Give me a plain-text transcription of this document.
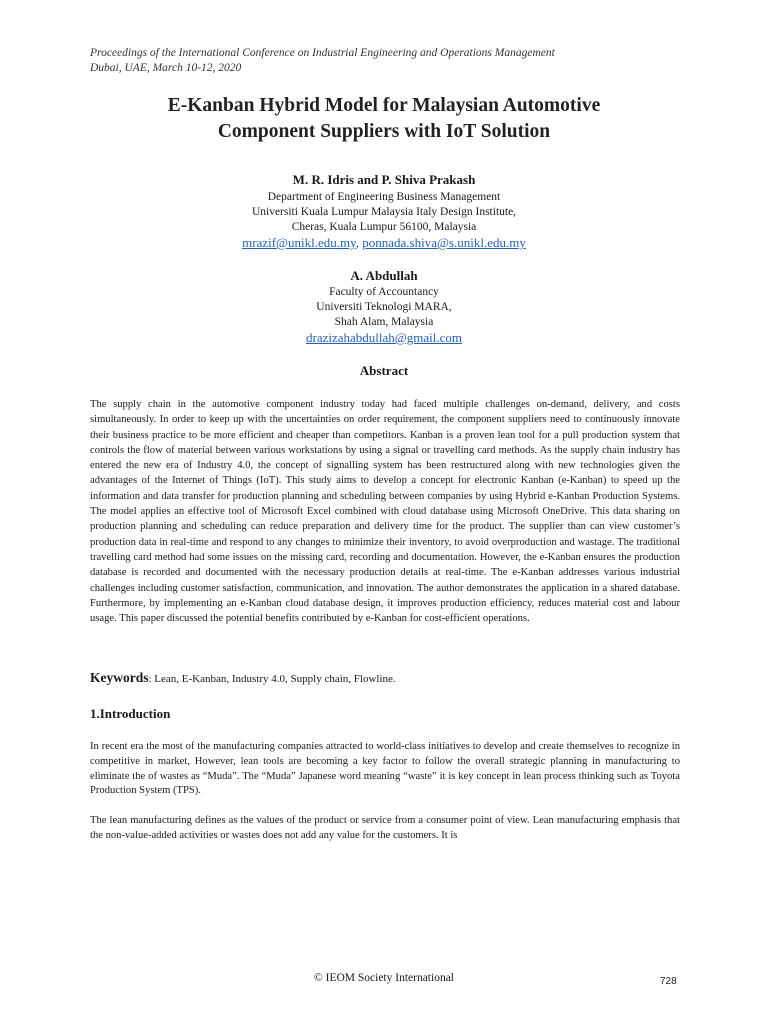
Proceedings of the International Conference on Industrial Engineering and Operations Management
Dubai, UAE, March 10-12, 2020
E-Kanban Hybrid Model for Malaysian Automotive
Component Suppliers with IoT Solution
M. R. Idris and P. Shiva Prakash
Department of Engineering Business Management
Universiti Kuala Lumpur Malaysia Italy Design Institute,
Cheras, Kuala Lumpur 56100, Malaysia
mrazif@unikl.edu.my, ponnada.shiva@s.unikl.edu.my
A. Abdullah
Faculty of Accountancy
Universiti Teknologi MARA,
Shah Alam, Malaysia
drazizahabdullah@gmail.com
Abstract
The supply chain in the automotive component industry today had faced multiple challenges on-demand, delivery, and costs simultaneously. In order to keep up with the uncertainties on order requirement, the component suppliers need to continuously innovate their business practice to be more efficient and cheaper than competitors. Kanban is a proven lean tool for a pull production system that controls the flow of material between various workstations by using a signal or travelling card methods. As the supply chain industry has entered the new era of Industry 4.0, the concept of signalling system has been restructured along with new technologies given the advantages of the Internet of Things (IoT). This study aims to develop a concept for electronic Kanban (e-Kanban) to speed up the information and data transfer for production planning and scheduling between companies by using Hybrid e-Kanban Production Systems. The model applies an effective tool of Microsoft Excel combined with cloud database using Microsoft OneDrive. This data sharing on production planning and scheduling can reduce preparation and delivery time for the product. The supplier than can view customer’s production data in real-time and respond to any changes to minimize their inventory, to avoid overproduction and wastage. The traditional travelling card method had some issues on the missing card, recording and documentation. However, the e-Kanban ensures the production database is recorded and documented with the necessary production details at real-time. The e-Kanban addresses various industrial challenges including customer satisfaction, communication, and innovation. The author demonstrates the application in a shared database. Furthermore, by implementing an e-Kanban cloud database design, it improves production efficiency, reduces material cost and labour usage. This paper discussed the potential benefits contributed by e-Kanban for cost-efficient operations.
Keywords: Lean, E-Kanban, Industry 4.0, Supply chain, Flowline.
1.Introduction
In recent era the most of the manufacturing companies attracted to world-class initiatives to develop and create themselves to recognize in competitive in market, However, lean tools are becoming a key factor to follow the overall strategic planning in manufacturing to eliminate the of wastes as “Muda”. The “Muda” Japanese word meaning “waste” it is key concept in lean process thinking such as Toyota Production System (TPS).
The lean manufacturing defines as the values of the product or service from a consumer point of view. Lean manufacturing emphasis that the non-value-added activities or wastes does not add any value for the customers. It is
© IEOM Society International	728
